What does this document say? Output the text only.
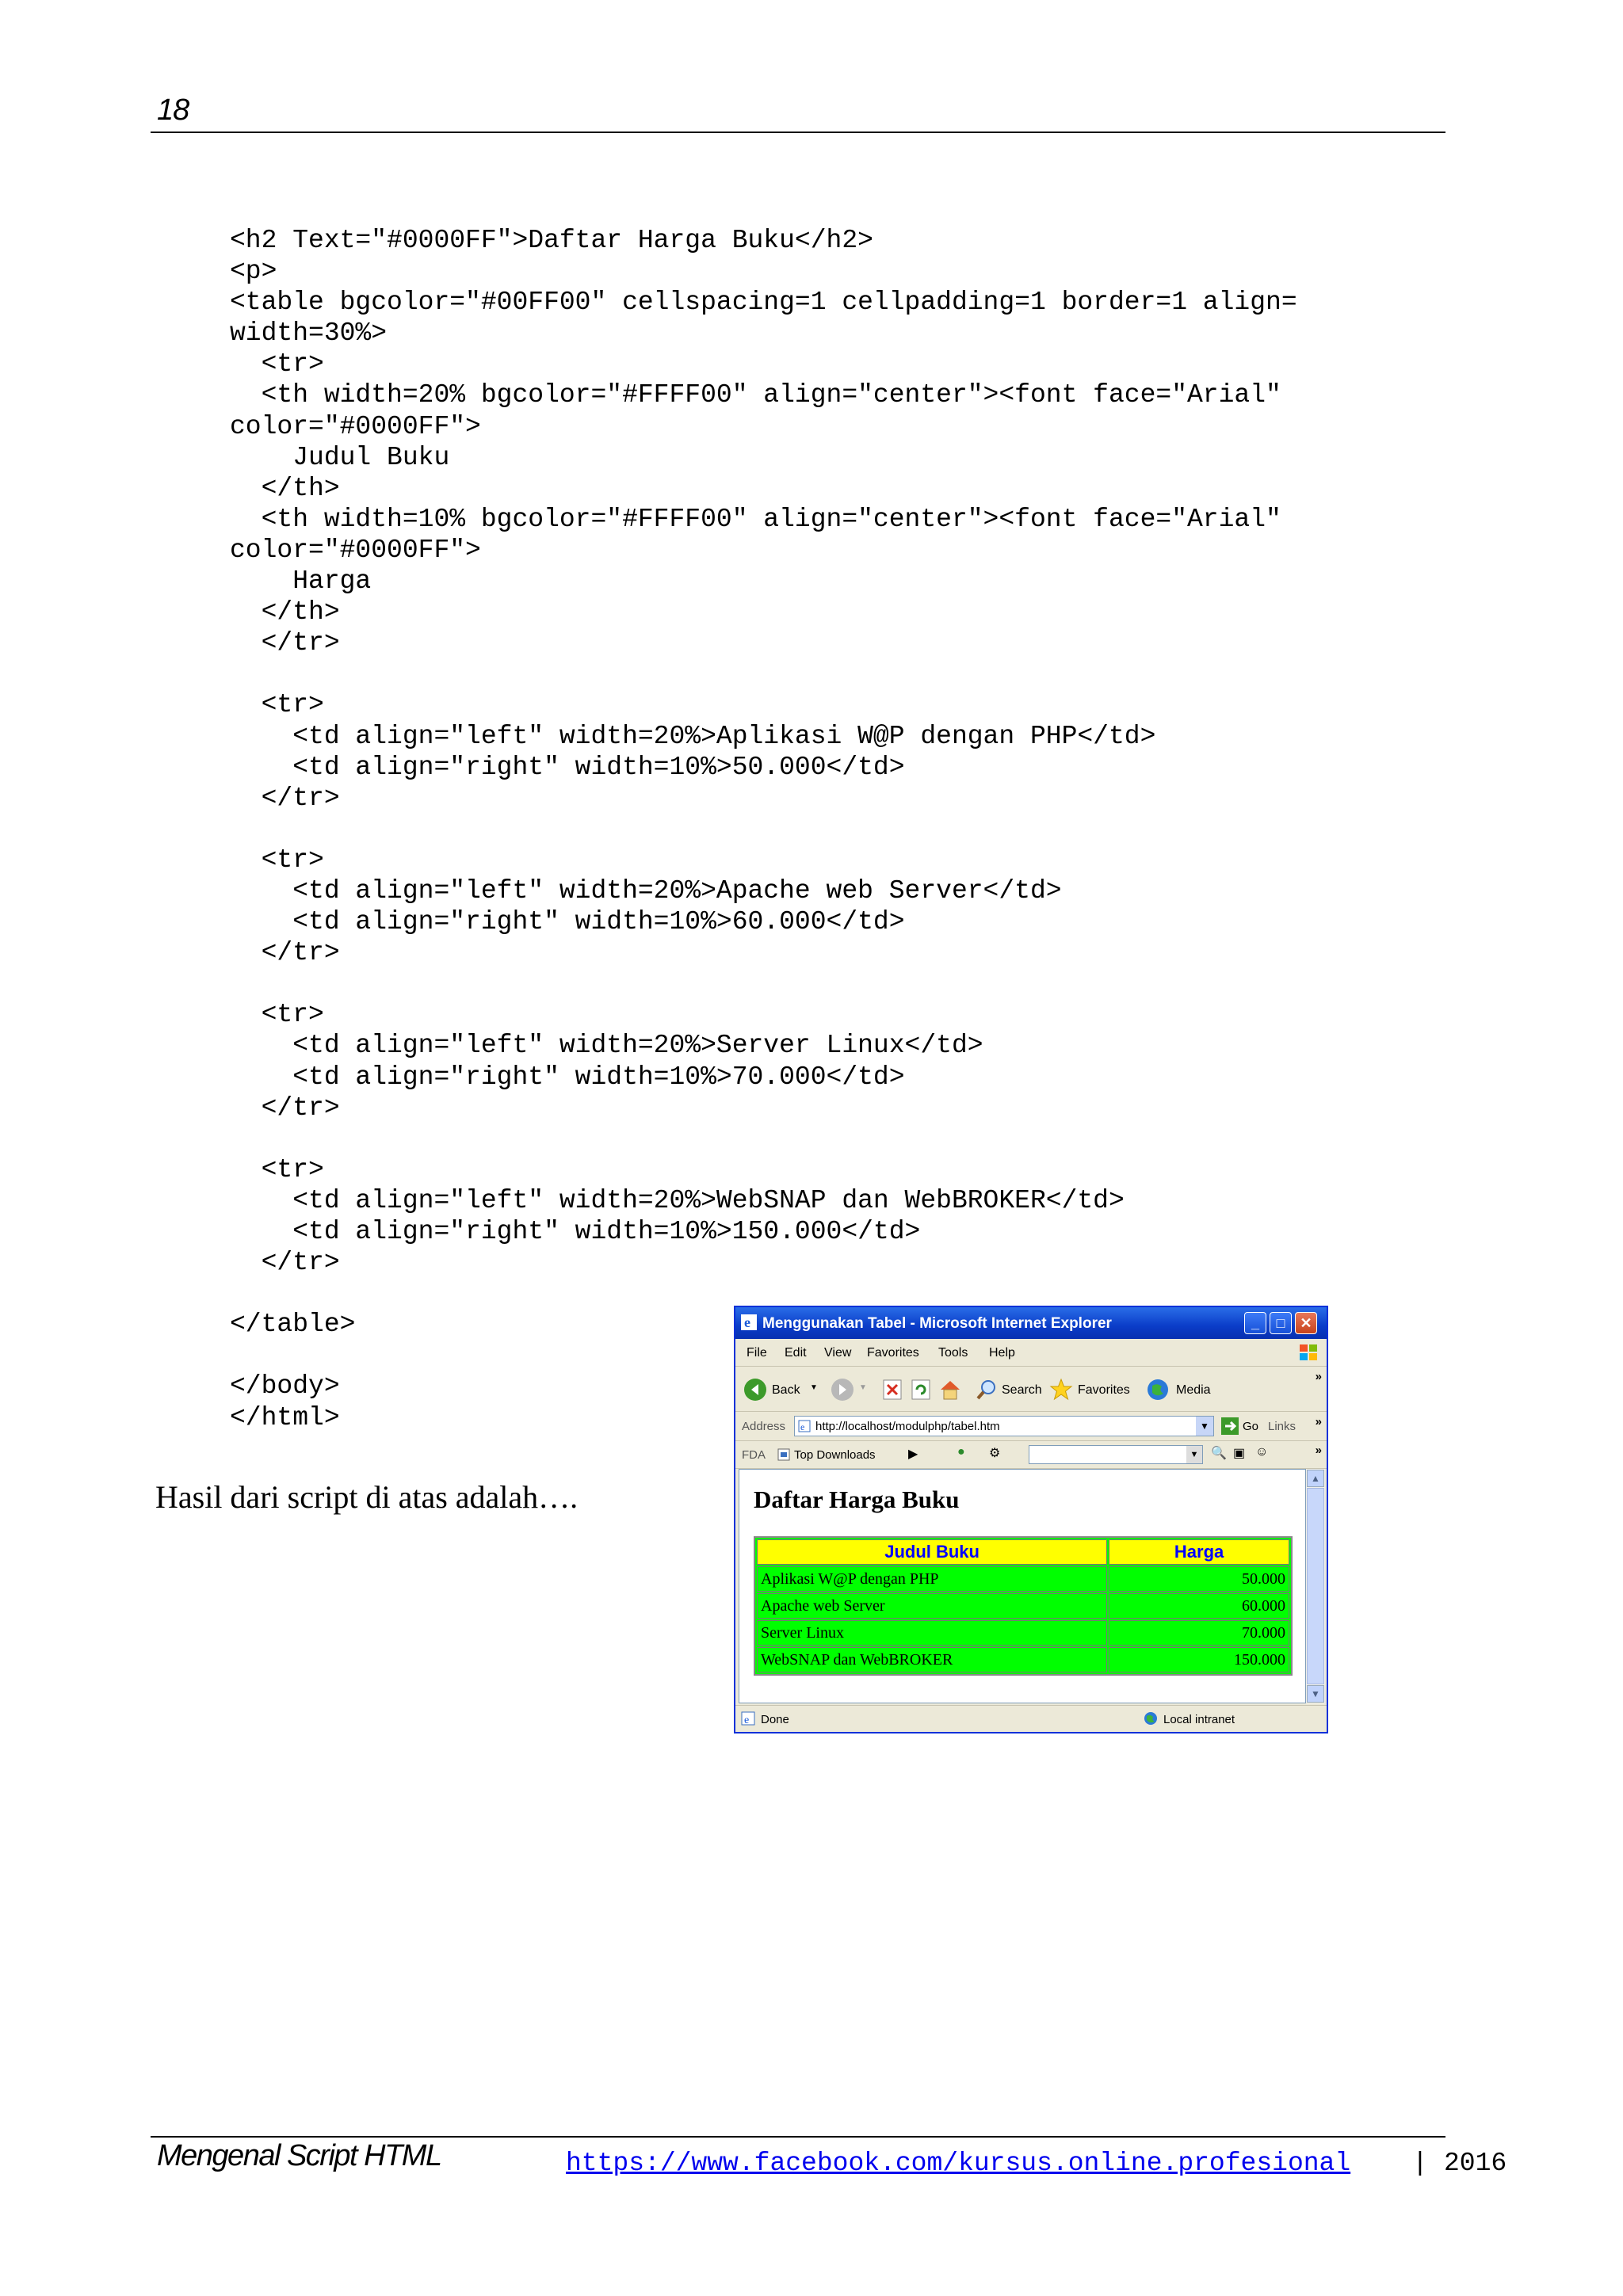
18
<h2 Text="#0000FF">Daftar Harga Buku</h2>
<p>
<table bgcolor="#00FF00" cellspacing=1 cellpadding=1 border=1 align=
width=30%>
<tr>
<th width=20% bgcolor="#FFFF00" align="center"><font face="Arial"
color="#0000FF">
Judul Buku
</th>
<th width=10% bgcolor="#FFFF00" align="center"><font face="Arial"
color="#0000FF">
Harga
</th>
</tr>
<tr>
<td align="left" width=20%>Aplikasi W@P dengan PHP</td>
<td align="right" width=10%>50.000</td>
</tr>
<tr>
<td align="left" width=20%>Apache web Server</td>
<td align="right" width=10%>60.000</td>
</tr>
<tr>
<td align="left" width=20%>Server Linux</td>
<td align="right" width=10%>70.000</td>
</tr>
<tr>
<td align="left" width=20%>WebSNAP dan WebBROKER</td>
<td align="right" width=10%>150.000</td>
</tr>
</table>
</body>
</html>
Hasil dari script di atas adalah….
e Menggunakan Tabel - Microsoft Internet Explorer	_	□	✕
File Edit View Favorites Tools Help
Back ▼	▼	Search	Favorites	Media
»
Address e http://localhost/modulphp/tabel.htm	▼	Go Links »
FDA Top Downloads	▶	● ⚙	▼ 🔍 ▣ ☺	»
Daftar Harga Buku
Judul Buku	Harga
Aplikasi W@P dengan PHP	50.000
Apache web Server	60.000
Server Linux	70.000
WebSNAP dan WebBROKER	150.000
▲
▼
e Done	Local intranet
Mengenal Script HTML	https://www.facebook.com/kursus.online.profesional | 2016
